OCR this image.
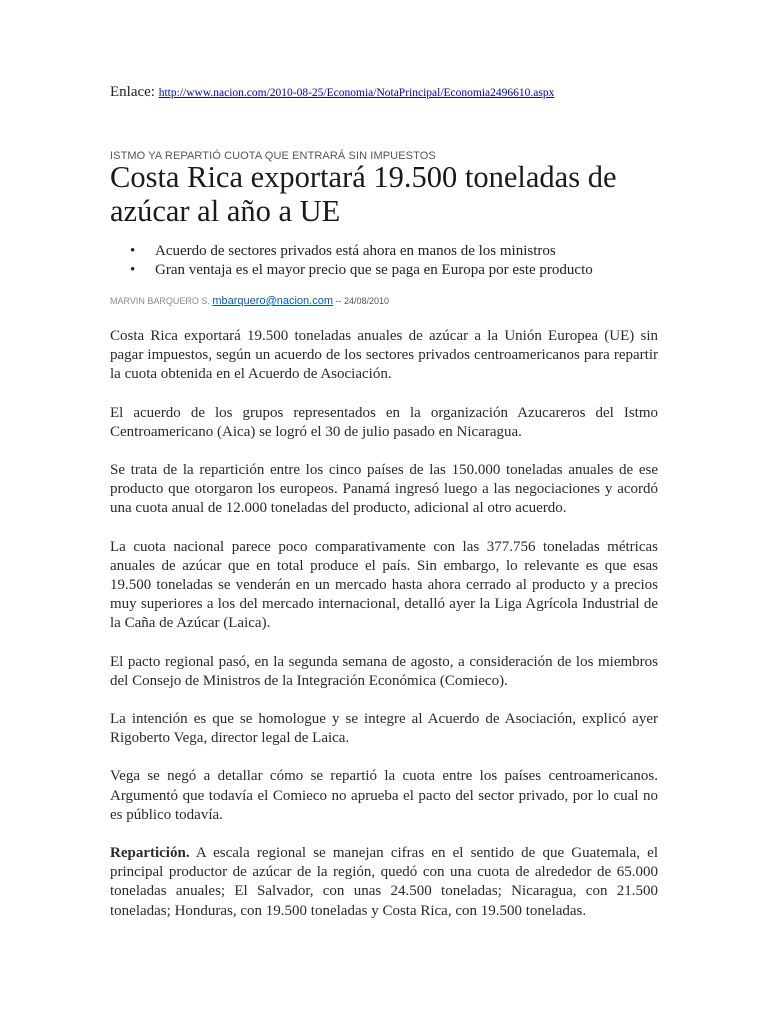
Enlace: http://www.nacion.com/2010-08-25/Economia/NotaPrincipal/Economia2496610.aspx
ISTMO YA REPARTIÓ CUOTA QUE ENTRARÁ SIN IMPUESTOS
Costa Rica exportará 19.500 toneladas de azúcar al año a UE
• Acuerdo de sectores privados está ahora en manos de los ministros
• Gran ventaja es el mayor precio que se paga en Europa por este producto
MARVIN BARQUERO S. mbarquero@nacion.com -- 24/08/2010

Costa Rica exportará 19.500 toneladas anuales de azúcar a la Unión Europea (UE) sin pagar impuestos, según un acuerdo de los sectores privados centroamericanos para repartir la cuota obtenida en el Acuerdo de Asociación.

El acuerdo de los grupos representados en la organización Azucareros del Istmo Centroamericano (Aica) se logró el 30 de julio pasado en Nicaragua.

Se trata de la repartición entre los cinco países de las 150.000 toneladas anuales de ese producto que otorgaron los europeos. Panamá ingresó luego a las negociaciones y acordó una cuota anual de 12.000 toneladas del producto, adicional al otro acuerdo.

La cuota nacional parece poco comparativamente con las 377.756 toneladas métricas anuales de azúcar que en total produce el país. Sin embargo, lo relevante es que esas 19.500 toneladas se venderán en un mercado hasta ahora cerrado al producto y a precios muy superiores a los del mercado internacional, detalló ayer la Liga Agrícola Industrial de la Caña de Azúcar (Laica).

El pacto regional pasó, en la segunda semana de agosto, a consideración de los miembros del Consejo de Ministros de la Integración Económica (Comieco).

La intención es que se homologue y se integre al Acuerdo de Asociación, explicó ayer Rigoberto Vega, director legal de Laica.

Vega se negó a detallar cómo se repartió la cuota entre los países centroamericanos. Argumentó que todavía el Comieco no aprueba el pacto del sector privado, por lo cual no es público todavía.

Repartición. A escala regional se manejan cifras en el sentido de que Guatemala, el principal productor de azúcar de la región, quedó con una cuota de alrededor de 65.000 toneladas anuales; El Salvador, con unas 24.500 toneladas; Nicaragua, con 21.500 toneladas; Honduras, con 19.500 toneladas y Costa Rica, con 19.500 toneladas.
